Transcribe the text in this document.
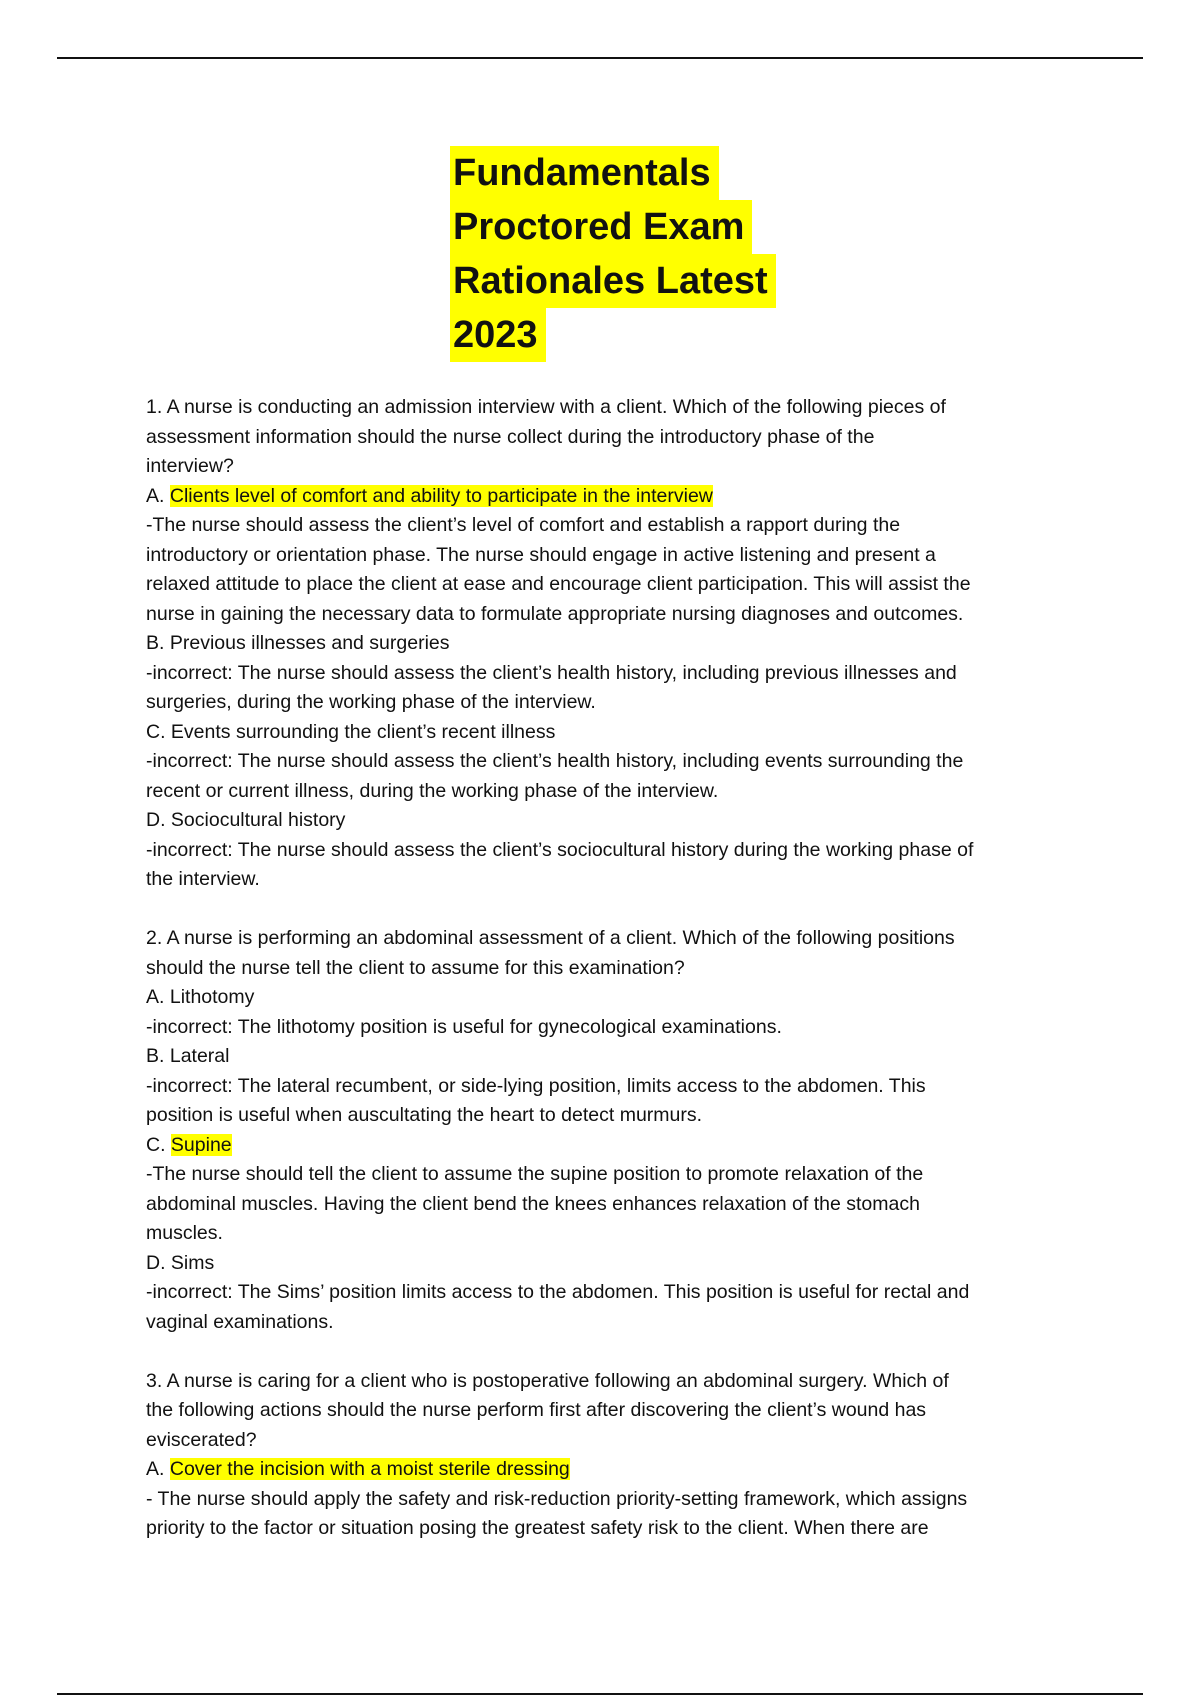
Fundamentals
Proctored Exam
Rationales Latest
2023
1. A nurse is conducting an admission interview with a client. Which of the following pieces of
assessment information should the nurse collect during the introductory phase of the
interview?
A. Clients level of comfort and ability to participate in the interview
-The nurse should assess the client’s level of comfort and establish a rapport during the
introductory or orientation phase. The nurse should engage in active listening and present a
relaxed attitude to place the client at ease and encourage client participation. This will assist the
nurse in gaining the necessary data to formulate appropriate nursing diagnoses and outcomes.
B. Previous illnesses and surgeries
-incorrect: The nurse should assess the client’s health history, including previous illnesses and
surgeries, during the working phase of the interview.
C. Events surrounding the client’s recent illness
-incorrect: The nurse should assess the client’s health history, including events surrounding the
recent or current illness, during the working phase of the interview.
D. Sociocultural history
-incorrect: The nurse should assess the client’s sociocultural history during the working phase of
the interview.
2. A nurse is performing an abdominal assessment of a client. Which of the following positions
should the nurse tell the client to assume for this examination?
A. Lithotomy
-incorrect: The lithotomy position is useful for gynecological examinations.
B. Lateral
-incorrect: The lateral recumbent, or side-lying position, limits access to the abdomen. This
position is useful when auscultating the heart to detect murmurs.
C. Supine
-The nurse should tell the client to assume the supine position to promote relaxation of the
abdominal muscles. Having the client bend the knees enhances relaxation of the stomach
muscles.
D. Sims
-incorrect: The Sims’ position limits access to the abdomen. This position is useful for rectal and
vaginal examinations.
3. A nurse is caring for a client who is postoperative following an abdominal surgery. Which of
the following actions should the nurse perform first after discovering the client’s wound has
eviscerated?
A. Cover the incision with a moist sterile dressing
- The nurse should apply the safety and risk-reduction priority-setting framework, which assigns
priority to the factor or situation posing the greatest safety risk to the client. When there are
